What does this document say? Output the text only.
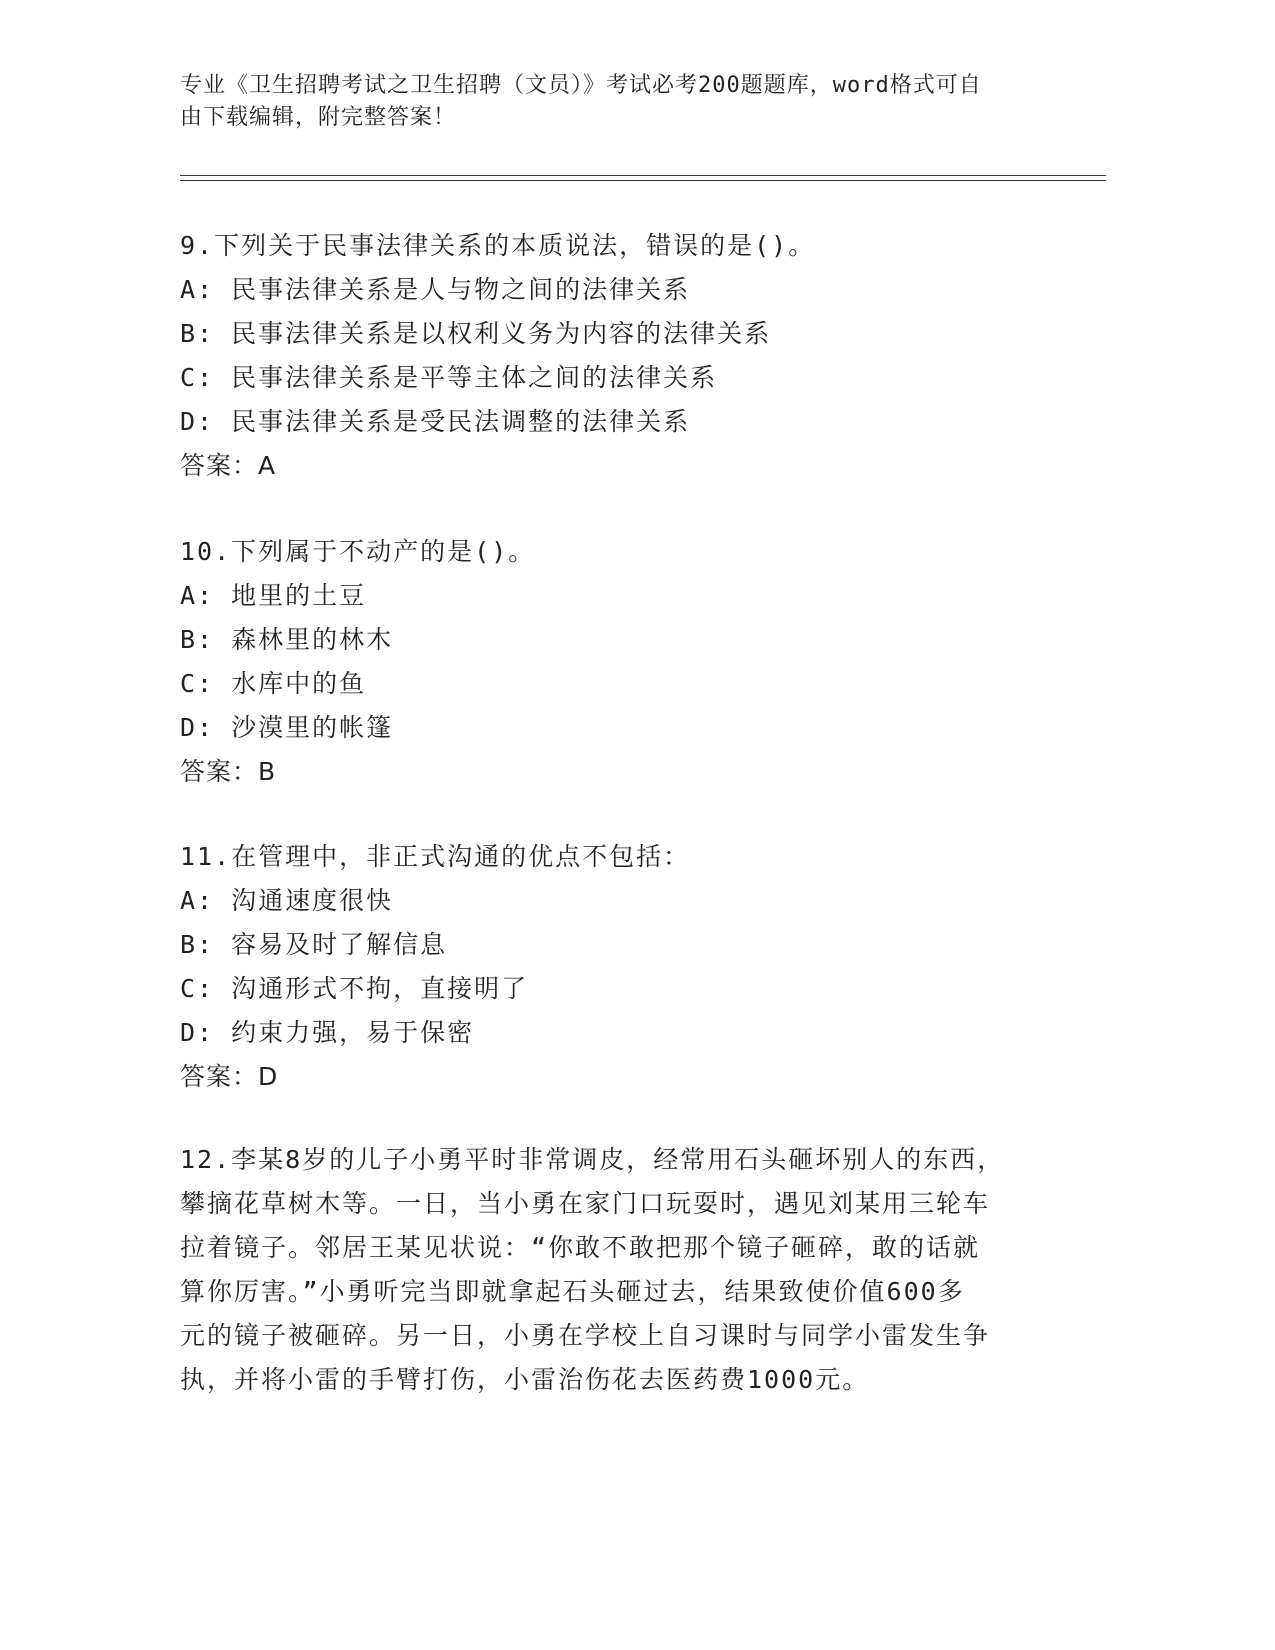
专业《卫生招聘考试之卫生招聘（文员）》考试必考200题题库，word格式可自
由下载编辑，附完整答案！
9.下列关于民事法律关系的本质说法，错误的是()。
A: 民事法律关系是人与物之间的法律关系
B: 民事法律关系是以权利义务为内容的法律关系
C: 民事法律关系是平等主体之间的法律关系
D: 民事法律关系是受民法调整的法律关系
答案：A
10.下列属于不动产的是()。
A: 地里的土豆
B: 森林里的林木
C: 水库中的鱼
D: 沙漠里的帐篷
答案：B
11.在管理中，非正式沟通的优点不包括：
A: 沟通速度很快
B: 容易及时了解信息
C: 沟通形式不拘，直接明了
D: 约束力强，易于保密
答案：D
12.李某8岁的儿子小勇平时非常调皮，经常用石头砸坏别人的东西，
攀摘花草树木等。一日，当小勇在家门口玩耍时，遇见刘某用三轮车
拉着镜子。邻居王某见状说：“你敢不敢把那个镜子砸碎，敢的话就
算你厉害。”小勇听完当即就拿起石头砸过去，结果致使价值600多
元的镜子被砸碎。另一日，小勇在学校上自习课时与同学小雷发生争
执，并将小雷的手臂打伤，小雷治伤花去医药费1000元。
